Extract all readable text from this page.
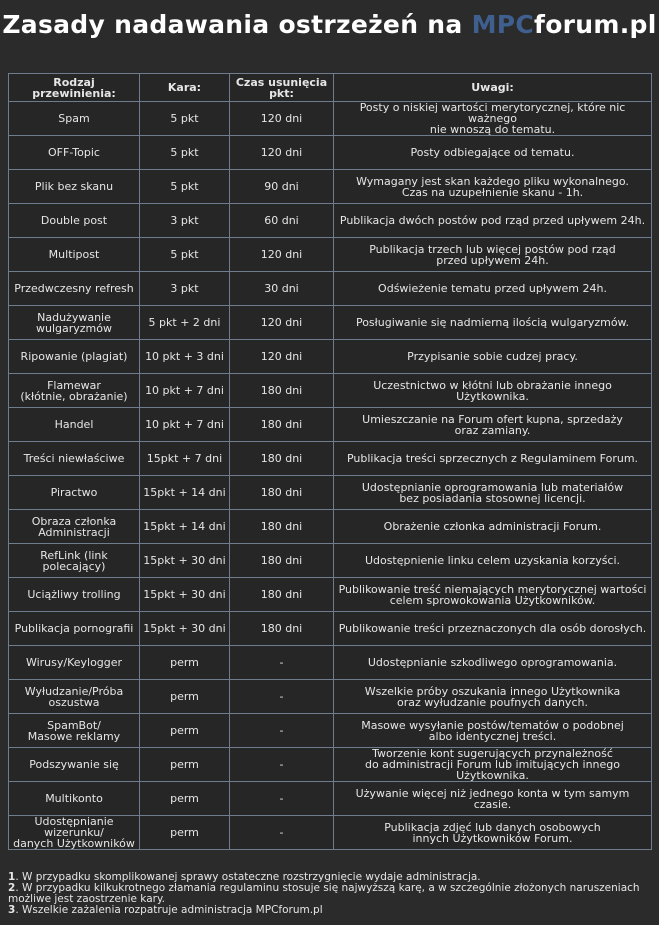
Zasady nadawania ostrzeżeń na MPCforum.pl
Rodzaj przewinienia:	Kara:	Czas usunięcia pkt:	Uwagi:
Spam	5 pkt	120 dni	Posty o niskiej wartości merytorycznej, które nic ważnego
nie wnoszą do tematu.
OFF-Topic	5 pkt	120 dni	Posty odbiegające od tematu.
Plik bez skanu	5 pkt	90 dni	Wymagany jest skan każdego pliku wykonalnego.
Czas na uzupełnienie skanu - 1h.
Double post	3 pkt	60 dni	Publikacja dwóch postów pod rząd przed upływem 24h.
Multipost	5 pkt	120 dni	Publikacja trzech lub więcej postów pod rząd
przed upływem 24h.
Przedwczesny refresh	3 pkt	30 dni	Odświeżenie tematu przed upływem 24h.
Nadużywanie
wulgaryzmów	5 pkt + 2 dni	120 dni	Posługiwanie się nadmierną ilością wulgaryzmów.
Ripowanie (plagiat)	10 pkt + 3 dni	120 dni	Przypisanie sobie cudzej pracy.
Flamewar
(kłótnie, obrażanie)	10 pkt + 7 dni	180 dni	Uczestnictwo w kłótni lub obrażanie innego Użytkownika.
Handel	10 pkt + 7 dni	180 dni	Umieszczanie na Forum ofert kupna, sprzedaży
oraz zamiany.
Treści niewłaściwe	15pkt + 7 dni	180 dni	Publikacja treści sprzecznych z Regulaminem Forum.
Piractwo	15pkt + 14 dni	180 dni	Udostępnianie oprogramowania lub materiałów
bez posiadania stosownej licencji.
Obraza członka
Administracji	15pkt + 14 dni	180 dni	Obrażenie członka administracji Forum.
RefLink (link polecający)	15pkt + 30 dni	180 dni	Udostępnienie linku celem uzyskania korzyści.
Uciążliwy trolling	15pkt + 30 dni	180 dni	Publikowanie treść niemających merytorycznej wartości
celem sprowokowania Użytkowników.
Publikacja pornografii	15pkt + 30 dni	180 dni	Publikowanie treści przeznaczonych dla osób dorosłych.
Wirusy/Keylogger	perm	-	Udostępnianie szkodliwego oprogramowania.
Wyłudzanie/Próba
oszustwa	perm	-	Wszelkie próby oszukania innego Użytkownika
oraz wyłudzanie poufnych danych.
SpamBot/
Masowe reklamy	perm	-	Masowe wysyłanie postów/tematów o podobnej
albo identycznej treści.
Podszywanie się	perm	-	Tworzenie kont sugerujących przynależność
do administracji Forum lub imitujących innego Użytkownika.
Multikonto	perm	-	Używanie więcej niż jednego konta w tym samym czasie.
Udostępnianie wizerunku/
danych Użytkowników	perm	-	Publikacja zdjęć lub danych osobowych
innych Użytkowników Forum.

1. W przypadku skomplikowanej sprawy ostateczne rozstrzygnięcie wydaje administracja.

2. W przypadku kilkukrotnego złamania regulaminu stosuje się najwyższą karę, a w szczególnie złożonych naruszeniach możliwe jest zaostrzenie kary.

3. Wszelkie zażalenia rozpatruje administracja MPCforum.pl
